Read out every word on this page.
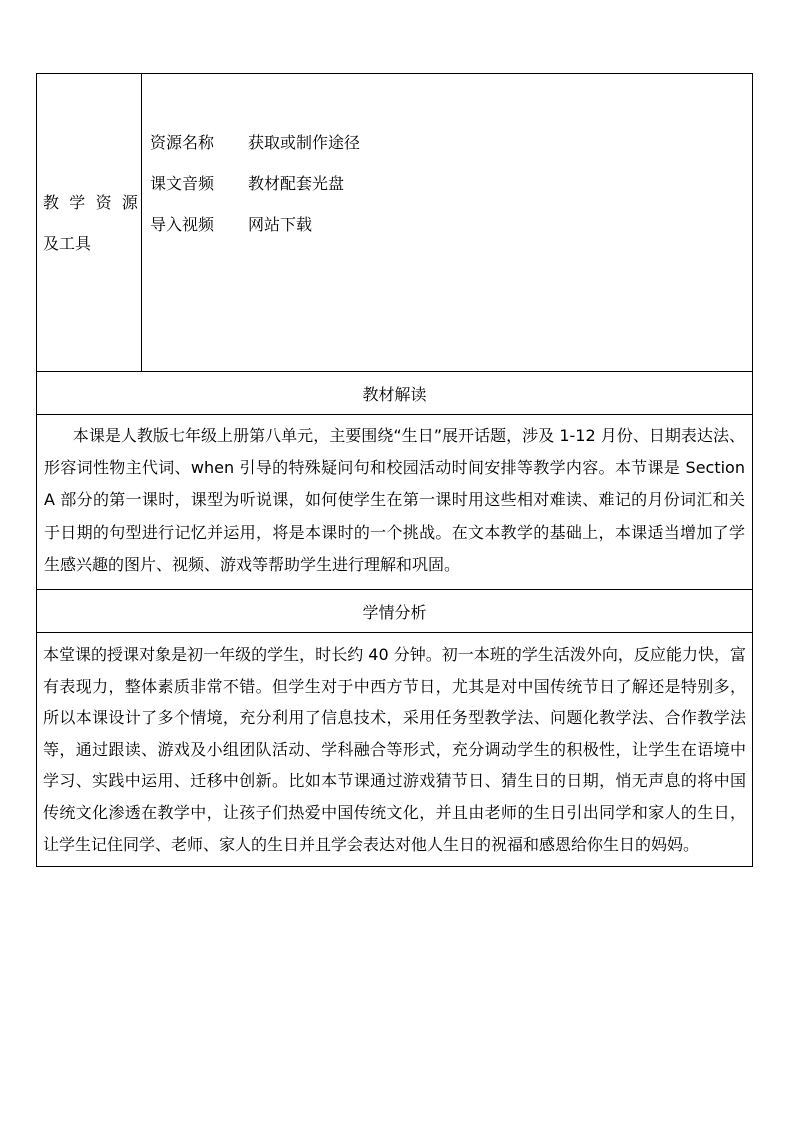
教 学 资 源
及工具

资源名称	获取或制作途径
课文音频	教材配套光盘
导入视频	网站下载

教材解读
本课是人教版七年级上册第八单元，主要围绕“生日”展开话题，涉及 1-12 月份、日期表达法、形容词性物主代词、when 引导的特殊疑问句和校园活动时间安排等教学内容。本节课是 Section A 部分的第一课时，课型为听说课，如何使学生在第一课时用这些相对难读、难记的月份词汇和关于日期的句型进行记忆并运用，将是本课时的一个挑战。在文本教学的基础上，本课适当增加了学生感兴趣的图片、视频、游戏等帮助学生进行理解和巩固。
学情分析
本堂课的授课对象是初一年级的学生，时长约 40 分钟。初一本班的学生活泼外向，反应能力快，富有表现力，整体素质非常不错。但学生对于中西方节日，尤其是对中国传统节日了解还是特别多，所以本课设计了多个情境，充分利用了信息技术，采用任务型教学法、问题化教学法、合作教学法等，通过跟读、游戏及小组团队活动、学科融合等形式，充分调动学生的积极性，让学生在语境中学习、实践中运用、迁移中创新。比如本节课通过游戏猜节日、猜生日的日期，悄无声息的将中国传统文化渗透在教学中，让孩子们热爱中国传统文化，并且由老师的生日引出同学和家人的生日，让学生记住同学、老师、家人的生日并且学会表达对他人生日的祝福和感恩给你生日的妈妈。
